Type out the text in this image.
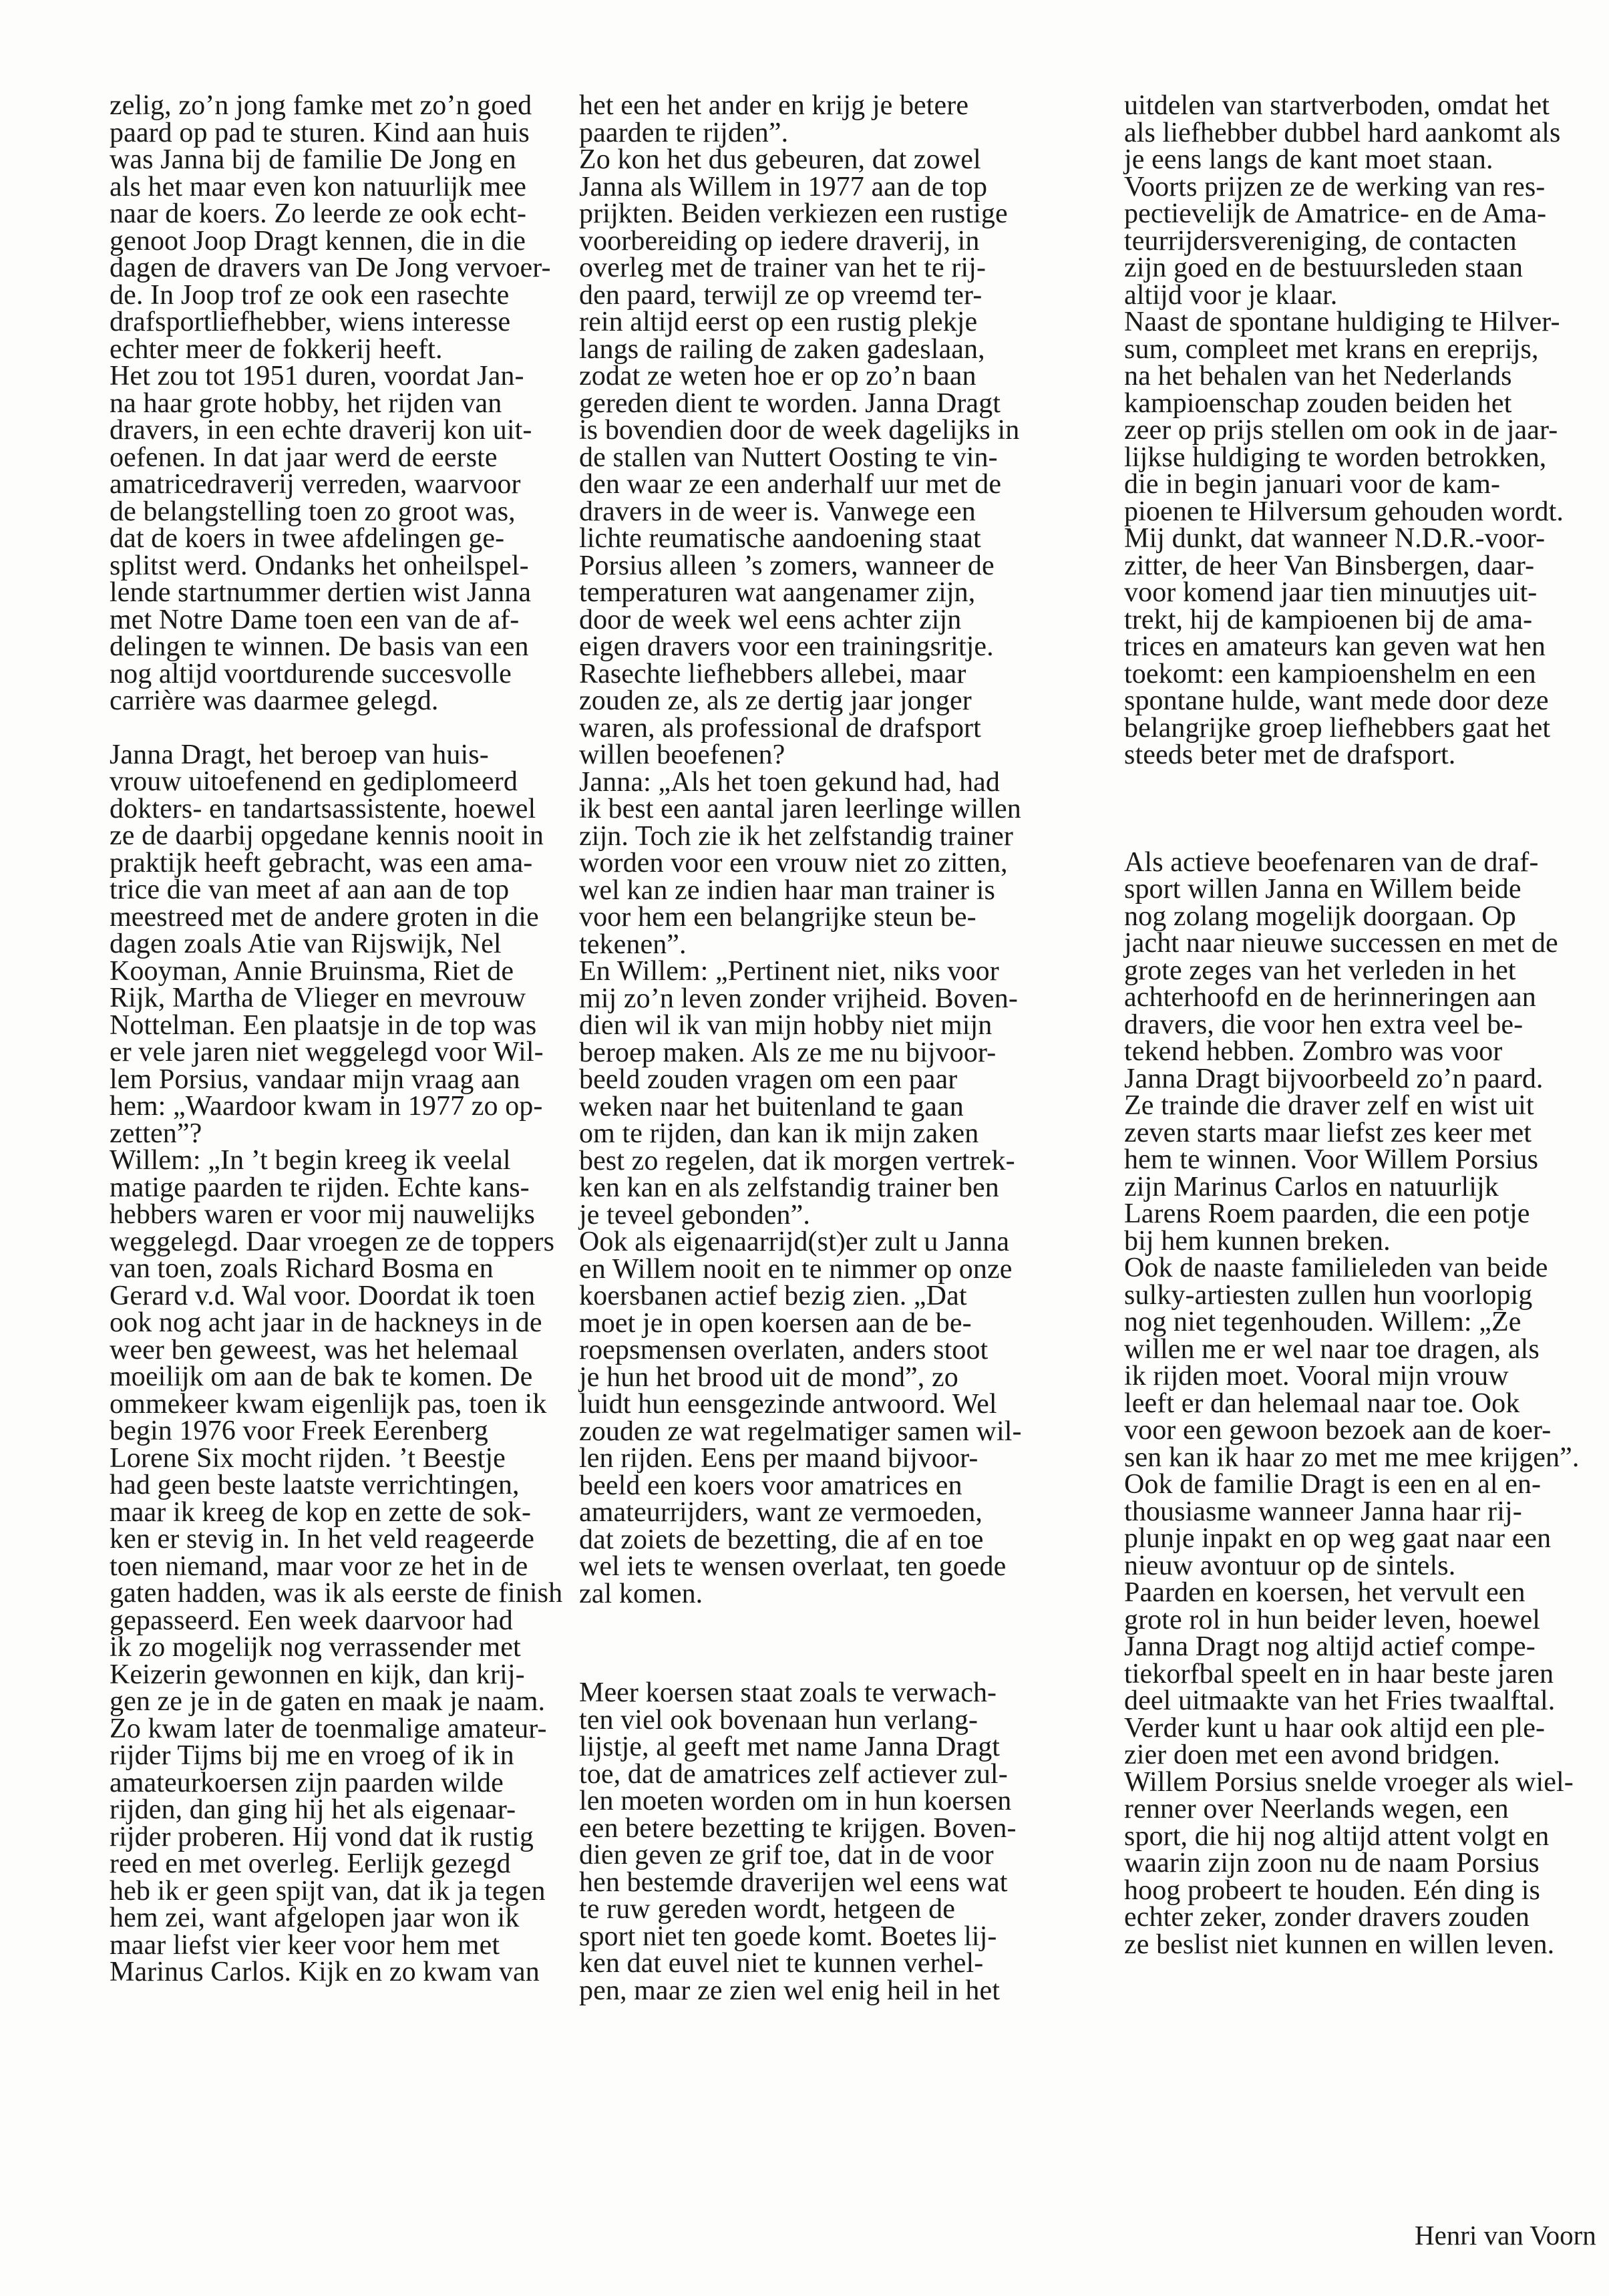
zelig, zo’n jong famke met zo’n goed
paard op pad te sturen. Kind aan huis
was Janna bij de familie De Jong en
als het maar even kon natuurlijk mee
naar de koers. Zo leerde ze ook echt-
genoot Joop Dragt kennen, die in die
dagen de dravers van De Jong vervoer-
de. In Joop trof ze ook een rasechte
drafsportliefhebber, wiens interesse
echter meer de fokkerij heeft.
Het zou tot 1951 duren, voordat Jan-
na haar grote hobby, het rijden van
dravers, in een echte draverij kon uit-
oefenen. In dat jaar werd de eerste
amatricedraverij verreden, waarvoor
de belangstelling toen zo groot was,
dat de koers in twee afdelingen ge-
splitst werd. Ondanks het onheilspel-
lende startnummer dertien wist Janna
met Notre Dame toen een van de af-
delingen te winnen. De basis van een
nog altijd voortdurende succesvolle
carrière was daarmee gelegd.
Janna Dragt, het beroep van huis-
vrouw uitoefenend en gediplomeerd
dokters- en tandartsassistente, hoewel
ze de daarbij opgedane kennis nooit in
praktijk heeft gebracht, was een ama-
trice die van meet af aan aan de top
meestreed met de andere groten in die
dagen zoals Atie van Rijswijk, Nel
Kooyman, Annie Bruinsma, Riet de
Rijk, Martha de Vlieger en mevrouw
Nottelman. Een plaatsje in de top was
er vele jaren niet weggelegd voor Wil-
lem Porsius, vandaar mijn vraag aan
hem: „Waardoor kwam in 1977 zo op-
zetten”?
Willem: „In ’t begin kreeg ik veelal
matige paarden te rijden. Echte kans-
hebbers waren er voor mij nauwelijks
weggelegd. Daar vroegen ze de toppers
van toen, zoals Richard Bosma en
Gerard v.d. Wal voor. Doordat ik toen
ook nog acht jaar in de hackneys in de
weer ben geweest, was het helemaal
moeilijk om aan de bak te komen. De
ommekeer kwam eigenlijk pas, toen ik
begin 1976 voor Freek Eerenberg
Lorene Six mocht rijden. ’t Beestje
had geen beste laatste verrichtingen,
maar ik kreeg de kop en zette de sok-
ken er stevig in. In het veld reageerde
toen niemand, maar voor ze het in de
gaten hadden, was ik als eerste de finish
gepasseerd. Een week daarvoor had
ik zo mogelijk nog verrassender met
Keizerin gewonnen en kijk, dan krij-
gen ze je in de gaten en maak je naam.
Zo kwam later de toenmalige amateur-
rijder Tijms bij me en vroeg of ik in
amateurkoersen zijn paarden wilde
rijden, dan ging hij het als eigenaar-
rijder proberen. Hij vond dat ik rustig
reed en met overleg. Eerlijk gezegd
heb ik er geen spijt van, dat ik ja tegen
hem zei, want afgelopen jaar won ik
maar liefst vier keer voor hem met
Marinus Carlos. Kijk en zo kwam van
het een het ander en krijg je betere
paarden te rijden”.
Zo kon het dus gebeuren, dat zowel
Janna als Willem in 1977 aan de top
prijkten. Beiden verkiezen een rustige
voorbereiding op iedere draverij, in
overleg met de trainer van het te rij-
den paard, terwijl ze op vreemd ter-
rein altijd eerst op een rustig plekje
langs de railing de zaken gadeslaan,
zodat ze weten hoe er op zo’n baan
gereden dient te worden. Janna Dragt
is bovendien door de week dagelijks in
de stallen van Nuttert Oosting te vin-
den waar ze een anderhalf uur met de
dravers in de weer is. Vanwege een
lichte reumatische aandoening staat
Porsius alleen ’s zomers, wanneer de
temperaturen wat aangenamer zijn,
door de week wel eens achter zijn
eigen dravers voor een trainingsritje.
Rasechte liefhebbers allebei, maar
zouden ze, als ze dertig jaar jonger
waren, als professional de drafsport
willen beoefenen?
Janna: „Als het toen gekund had, had
ik best een aantal jaren leerlinge willen
zijn. Toch zie ik het zelfstandig trainer
worden voor een vrouw niet zo zitten,
wel kan ze indien haar man trainer is
voor hem een belangrijke steun be-
tekenen”.
En Willem: „Pertinent niet, niks voor
mij zo’n leven zonder vrijheid. Boven-
dien wil ik van mijn hobby niet mijn
beroep maken. Als ze me nu bijvoor-
beeld zouden vragen om een paar
weken naar het buitenland te gaan
om te rijden, dan kan ik mijn zaken
best zo regelen, dat ik morgen vertrek-
ken kan en als zelfstandig trainer ben
je teveel gebonden”.
Ook als eigenaarrijd(st)er zult u Janna
en Willem nooit en te nimmer op onze
koersbanen actief bezig zien. „Dat
moet je in open koersen aan de be-
roepsmensen overlaten, anders stoot
je hun het brood uit de mond”, zo
luidt hun eensgezinde antwoord. Wel
zouden ze wat regelmatiger samen wil-
len rijden. Eens per maand bijvoor-
beeld een koers voor amatrices en
amateurrijders, want ze vermoeden,
dat zoiets de bezetting, die af en toe
wel iets te wensen overlaat, ten goede
zal komen.
Meer koersen staat zoals te verwach-
ten viel ook bovenaan hun verlang-
lijstje, al geeft met name Janna Dragt
toe, dat de amatrices zelf actiever zul-
len moeten worden om in hun koersen
een betere bezetting te krijgen. Boven-
dien geven ze grif toe, dat in de voor
hen bestemde draverijen wel eens wat
te ruw gereden wordt, hetgeen de
sport niet ten goede komt. Boetes lij-
ken dat euvel niet te kunnen verhel-
pen, maar ze zien wel enig heil in het
uitdelen van startverboden, omdat het
als liefhebber dubbel hard aankomt als
je eens langs de kant moet staan.
Voorts prijzen ze de werking van res-
pectievelijk de Amatrice- en de Ama-
teurrijdersvereniging, de contacten
zijn goed en de bestuursleden staan
altijd voor je klaar.
Naast de spontane huldiging te Hilver-
sum, compleet met krans en ereprijs,
na het behalen van het Nederlands
kampioenschap zouden beiden het
zeer op prijs stellen om ook in de jaar-
lijkse huldiging te worden betrokken,
die in begin januari voor de kam-
pioenen te Hilversum gehouden wordt.
Mij dunkt, dat wanneer N.D.R.-voor-
zitter, de heer Van Binsbergen, daar-
voor komend jaar tien minuutjes uit-
trekt, hij de kampioenen bij de ama-
trices en amateurs kan geven wat hen
toekomt: een kampioenshelm en een
spontane hulde, want mede door deze
belangrijke groep liefhebbers gaat het
steeds beter met de drafsport.
Als actieve beoefenaren van de draf-
sport willen Janna en Willem beide
nog zolang mogelijk doorgaan. Op
jacht naar nieuwe successen en met de
grote zeges van het verleden in het
achterhoofd en de herinneringen aan
dravers, die voor hen extra veel be-
tekend hebben. Zombro was voor
Janna Dragt bijvoorbeeld zo’n paard.
Ze trainde die draver zelf en wist uit
zeven starts maar liefst zes keer met
hem te winnen. Voor Willem Porsius
zijn Marinus Carlos en natuurlijk
Larens Roem paarden, die een potje
bij hem kunnen breken.
Ook de naaste familieleden van beide
sulky-artiesten zullen hun voorlopig
nog niet tegenhouden. Willem: „Ze
willen me er wel naar toe dragen, als
ik rijden moet. Vooral mijn vrouw
leeft er dan helemaal naar toe. Ook
voor een gewoon bezoek aan de koer-
sen kan ik haar zo met me mee krijgen”.
Ook de familie Dragt is een en al en-
thousiasme wanneer Janna haar rij-
plunje inpakt en op weg gaat naar een
nieuw avontuur op de sintels.
Paarden en koersen, het vervult een
grote rol in hun beider leven, hoewel
Janna Dragt nog altijd actief compe-
tiekorfbal speelt en in haar beste jaren
deel uitmaakte van het Fries twaalftal.
Verder kunt u haar ook altijd een ple-
zier doen met een avond bridgen.
Willem Porsius snelde vroeger als wiel-
renner over Neerlands wegen, een
sport, die hij nog altijd attent volgt en
waarin zijn zoon nu de naam Porsius
hoog probeert te houden. Eén ding is
echter zeker, zonder dravers zouden
ze beslist niet kunnen en willen leven.
Henri van Voorn
